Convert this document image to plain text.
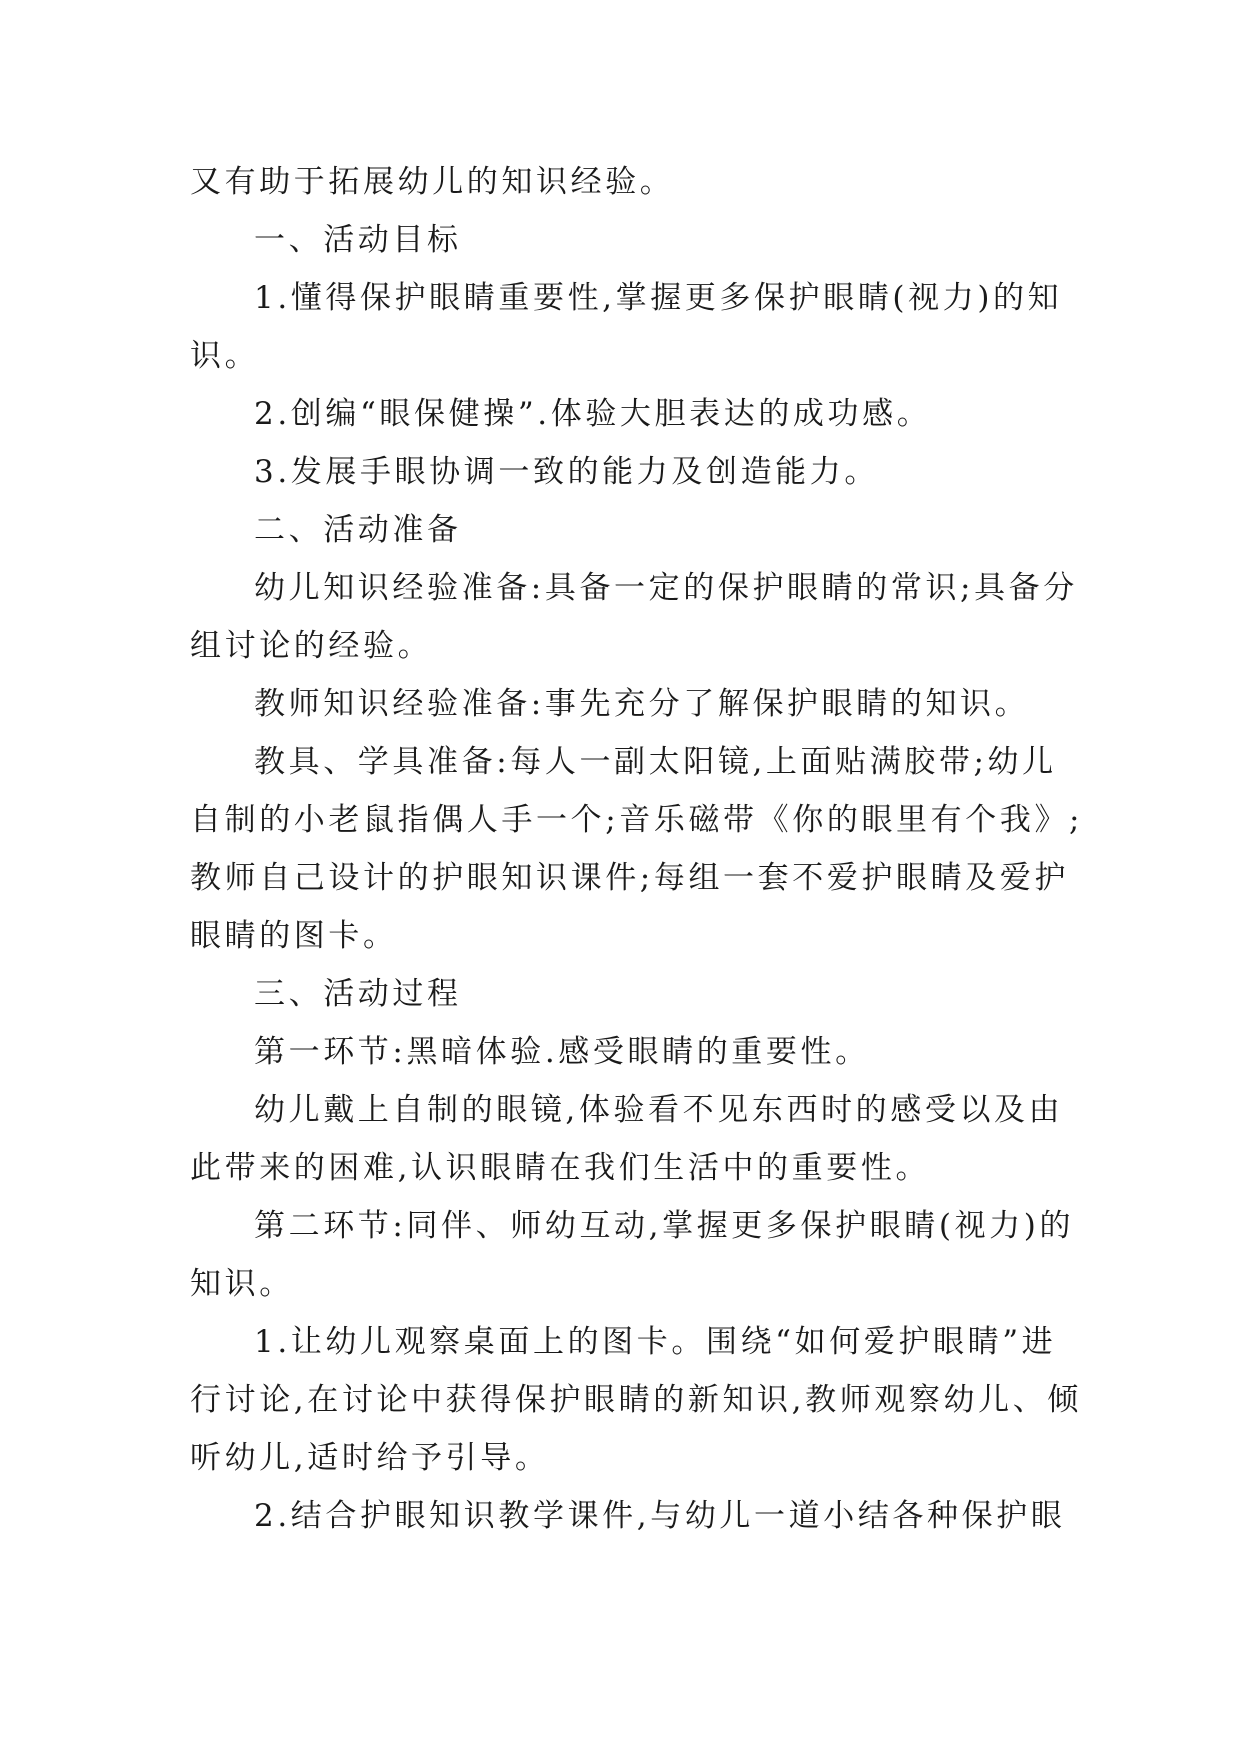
又有助于拓展幼儿的知识经验。
一、活动目标
1.懂得保护眼睛重要性,掌握更多保护眼睛(视力)的知
识。
2.创编“眼保健操”.体验大胆表达的成功感。
3.发展手眼协调一致的能力及创造能力。
二、活动准备
幼儿知识经验准备:具备一定的保护眼睛的常识;具备分
组讨论的经验。
教师知识经验准备:事先充分了解保护眼睛的知识。
教具、学具准备:每人一副太阳镜,上面贴满胶带;幼儿
自制的小老鼠指偶人手一个;音乐磁带《你的眼里有个我》;
教师自己设计的护眼知识课件;每组一套不爱护眼睛及爱护
眼睛的图卡。
三、活动过程
第一环节:黑暗体验.感受眼睛的重要性。
幼儿戴上自制的眼镜,体验看不见东西时的感受以及由
此带来的困难,认识眼睛在我们生活中的重要性。
第二环节:同伴、师幼互动,掌握更多保护眼睛(视力)的
知识。
1.让幼儿观察桌面上的图卡。围绕“如何爱护眼睛”进
行讨论,在讨论中获得保护眼睛的新知识,教师观察幼儿、倾
听幼儿,适时给予引导。
2.结合护眼知识教学课件,与幼儿一道小结各种保护眼
